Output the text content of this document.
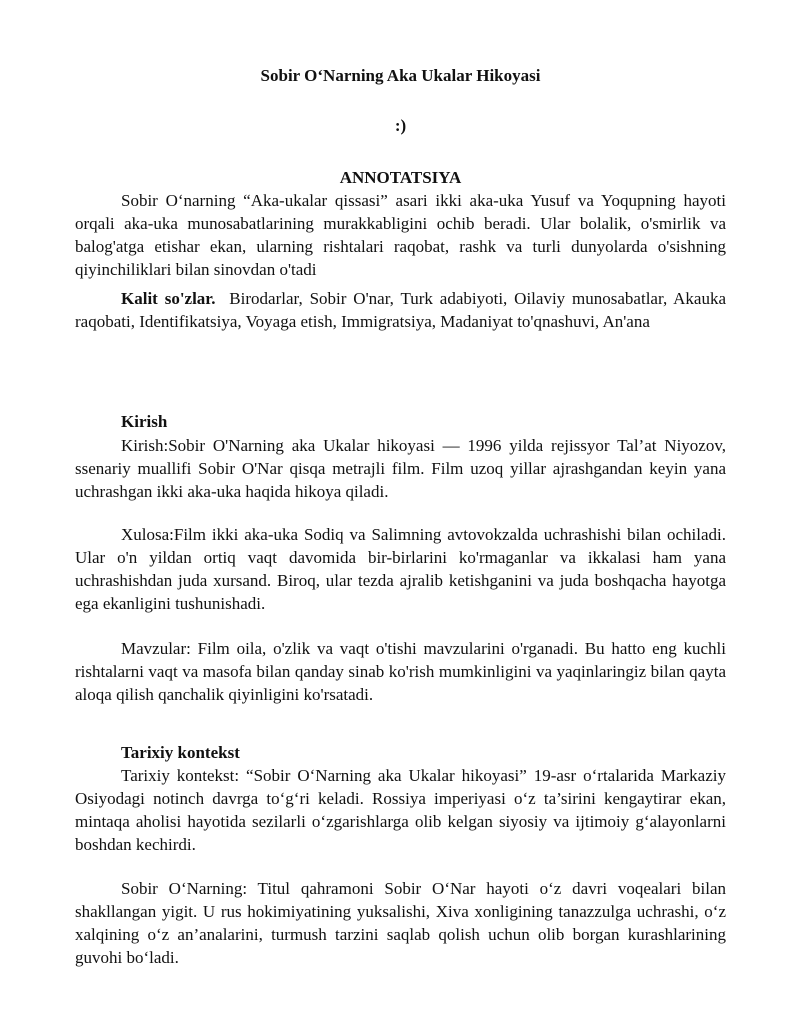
Sobir O‘Narning Aka Ukalar Hikoyasi
:)
ANNOTATSIYA

Sobir O‘narning “Aka-ukalar qissasi” asari ikki aka-uka Yusuf va Yoqupning hayoti orqali aka-uka munosabatlarining murakkabligini ochib beradi. Ular bolalik, o'smirlik va balog'atga etishar ekan, ularning rishtalari raqobat, rashk va turli dunyolarda o'sishning qiyinchiliklari bilan sinovdan o'tadi

Kalit so'zlar. Birodarlar, Sobir O'nar, Turk adabiyoti, Oilaviy munosabatlar, Akauka raqobati, Identifikatsiya, Voyaga etish, Immigratsiya, Madaniyat to'qnashuvi, An'ana

Kirish

Kirish:Sobir O'Narning aka Ukalar hikoyasi — 1996 yilda rejissyor Tal’at Niyozov, ssenariy muallifi Sobir O'Nar qisqa metrajli film. Film uzoq yillar ajrashgandan keyin yana uchrashgan ikki aka-uka haqida hikoya qiladi.

Xulosa:Film ikki aka-uka Sodiq va Salimning avtovokzalda uchrashishi bilan ochiladi. Ular o'n yildan ortiq vaqt davomida bir-birlarini ko'rmaganlar va ikkalasi ham yana uchrashishdan juda xursand. Biroq, ular tezda ajralib ketishganini va juda boshqacha hayotga ega ekanligini tushunishadi.

Mavzular: Film oila, o'zlik va vaqt o'tishi mavzularini o'rganadi. Bu hatto eng kuchli rishtalarni vaqt va masofa bilan qanday sinab ko'rish mumkinligini va yaqinlaringiz bilan qayta aloqa qilish qanchalik qiyinligini ko'rsatadi.

Tarixiy kontekst

Tarixiy kontekst: “Sobir O‘Narning aka Ukalar hikoyasi” 19-asr o‘rtalarida Markaziy Osiyodagi notinch davrga to‘g‘ri keladi. Rossiya imperiyasi o‘z ta’sirini kengaytirar ekan, mintaqa aholisi hayotida sezilarli o‘zgarishlarga olib kelgan siyosiy va ijtimoiy g‘alayonlarni boshdan kechirdi.

Sobir O‘Narning: Titul qahramoni Sobir O‘Nar hayoti o‘z davri voqealari bilan shakllangan yigit. U rus hokimiyatining yuksalishi, Xiva xonligining tanazzulga uchrashi, o‘z xalqining o‘z an’analarini, turmush tarzini saqlab qolish uchun olib borgan kurashlarining guvohi bo‘ladi.
